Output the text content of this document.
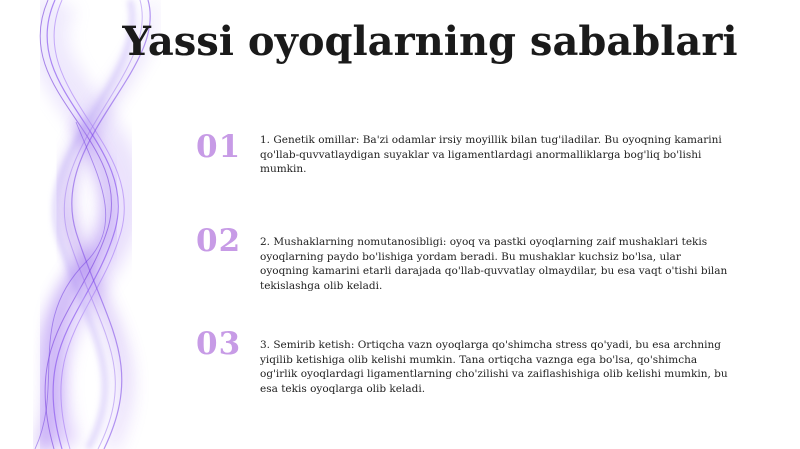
Yassi oyoqlarning sabablari
01	1. Genetik omillar: Ba'zi odamlar irsiy moyillik bilan tug'iladilar. Bu oyoqning kamarini qo'llab-quvvatlaydigan suyaklar va ligamentlardagi anormalliklarga bog'liq bo'lishi mumkin.

02	2. Mushaklarning nomutanosibligi: oyoq va pastki oyoqlarning zaif mushaklari tekis oyoqlarning paydo bo'lishiga yordam beradi. Bu mushaklar kuchsiz bo'lsa, ular oyoqning kamarini etarli darajada qo'llab-quvvatlay olmaydilar, bu esa vaqt o'tishi bilan tekislashga olib keladi.

03	3. Semirib ketish: Ortiqcha vazn oyoqlarga qo'shimcha stress qo'yadi, bu esa archning yiqilib ketishiga olib kelishi mumkin. Tana ortiqcha vaznga ega bo'lsa, qo'shimcha og'irlik oyoqlardagi ligamentlarning cho'zilishi va zaiflashishiga olib kelishi mumkin, bu esa tekis oyoqlarga olib keladi.
